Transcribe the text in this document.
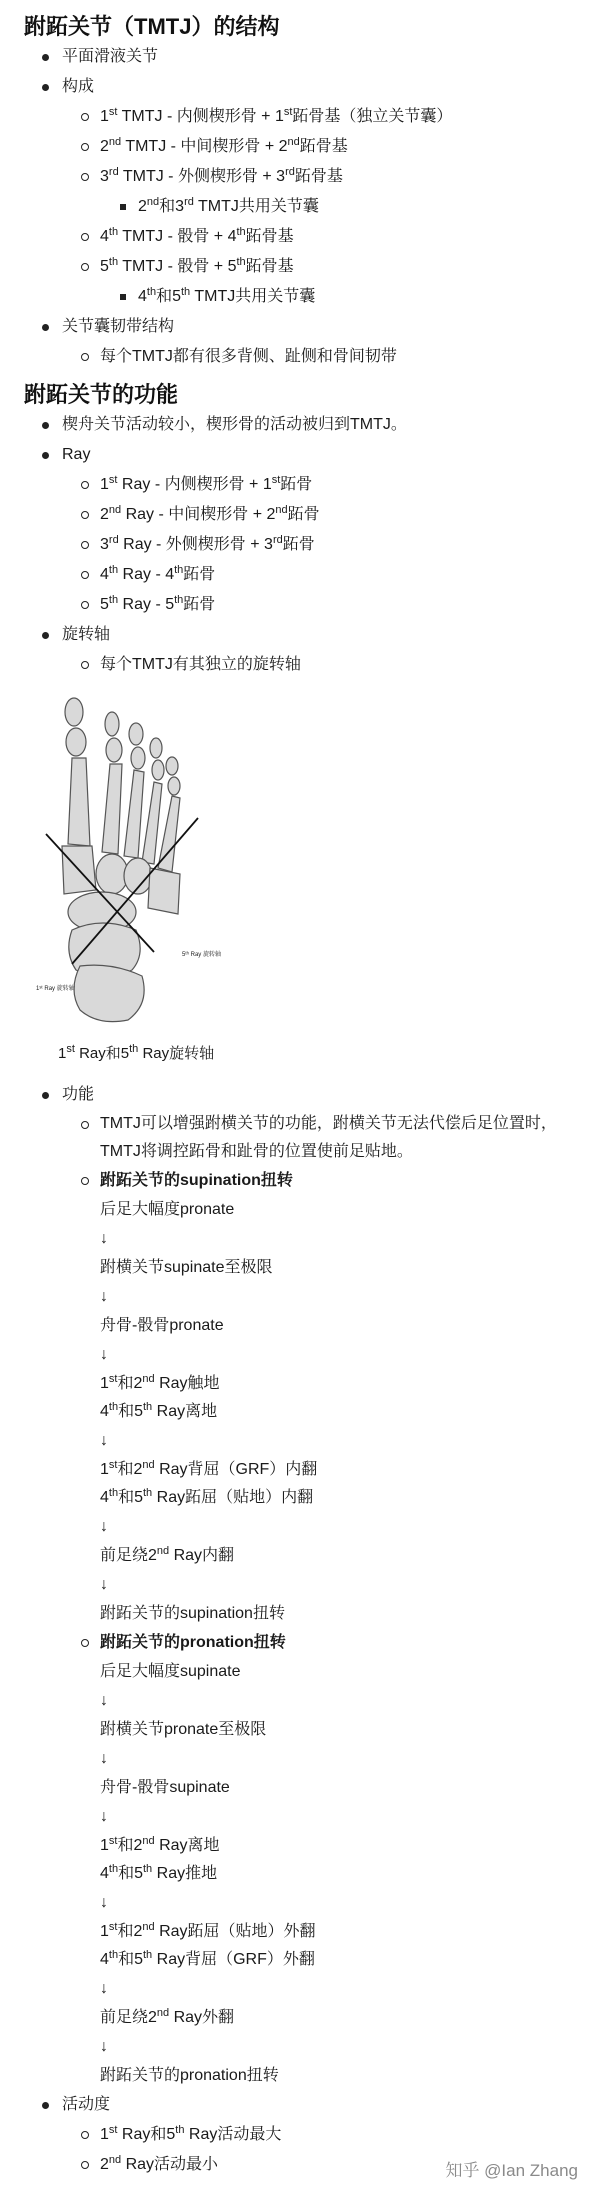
跗跖关节（TMTJ）的结构
平面滑液关节
构成
1st TMTJ - 内侧楔形骨 + 1st跖骨基（独立关节囊）
2nd TMTJ - 中间楔形骨 + 2nd跖骨基
3rd TMTJ - 外侧楔形骨 + 3rd跖骨基
2nd和3rd TMTJ共用关节囊
4th TMTJ - 骰骨 + 4th跖骨基
5th TMTJ - 骰骨 + 5th跖骨基
4th和5th TMTJ共用关节囊
关节囊韧带结构
每个TMTJ都有很多背侧、趾侧和骨间韧带
跗跖关节的功能
楔舟关节活动较小，楔形骨的活动被归到TMTJ。
Ray
1st Ray - 内侧楔形骨 + 1st跖骨
2nd Ray - 中间楔形骨 + 2nd跖骨
3rd Ray - 外侧楔形骨 + 3rd跖骨
4th Ray - 4th跖骨
5th Ray - 5th跖骨
旋转轴
每个TMTJ有其独立的旋转轴
5ᵗʰ Ray 旋转轴
1ˢᵗ Ray 旋转轴
1st Ray和5th Ray旋转轴
功能
TMTJ可以增强跗横关节的功能，跗横关节无法代偿后足位置时，TMTJ将调控跖骨和趾骨的位置使前足贴地。
跗跖关节的supination扭转
后足大幅度pronate
↓
跗横关节supinate至极限
↓
舟骨-骰骨pronate
↓
1st和2nd Ray触地
4th和5th Ray离地
↓
1st和2nd Ray背屈（GRF）内翻
4th和5th Ray跖屈（贴地）内翻
↓
前足绕2nd Ray内翻
↓
跗跖关节的supination扭转
跗跖关节的pronation扭转
后足大幅度supinate
↓
跗横关节pronate至极限
↓
舟骨-骰骨supinate
↓
1st和2nd Ray离地
4th和5th Ray推地
↓
1st和2nd Ray跖屈（贴地）外翻
4th和5th Ray背屈（GRF）外翻
↓
前足绕2nd Ray外翻
↓
跗跖关节的pronation扭转
活动度
1st Ray和5th Ray活动最大
2nd Ray活动最小	知乎 @Ian Zhang
